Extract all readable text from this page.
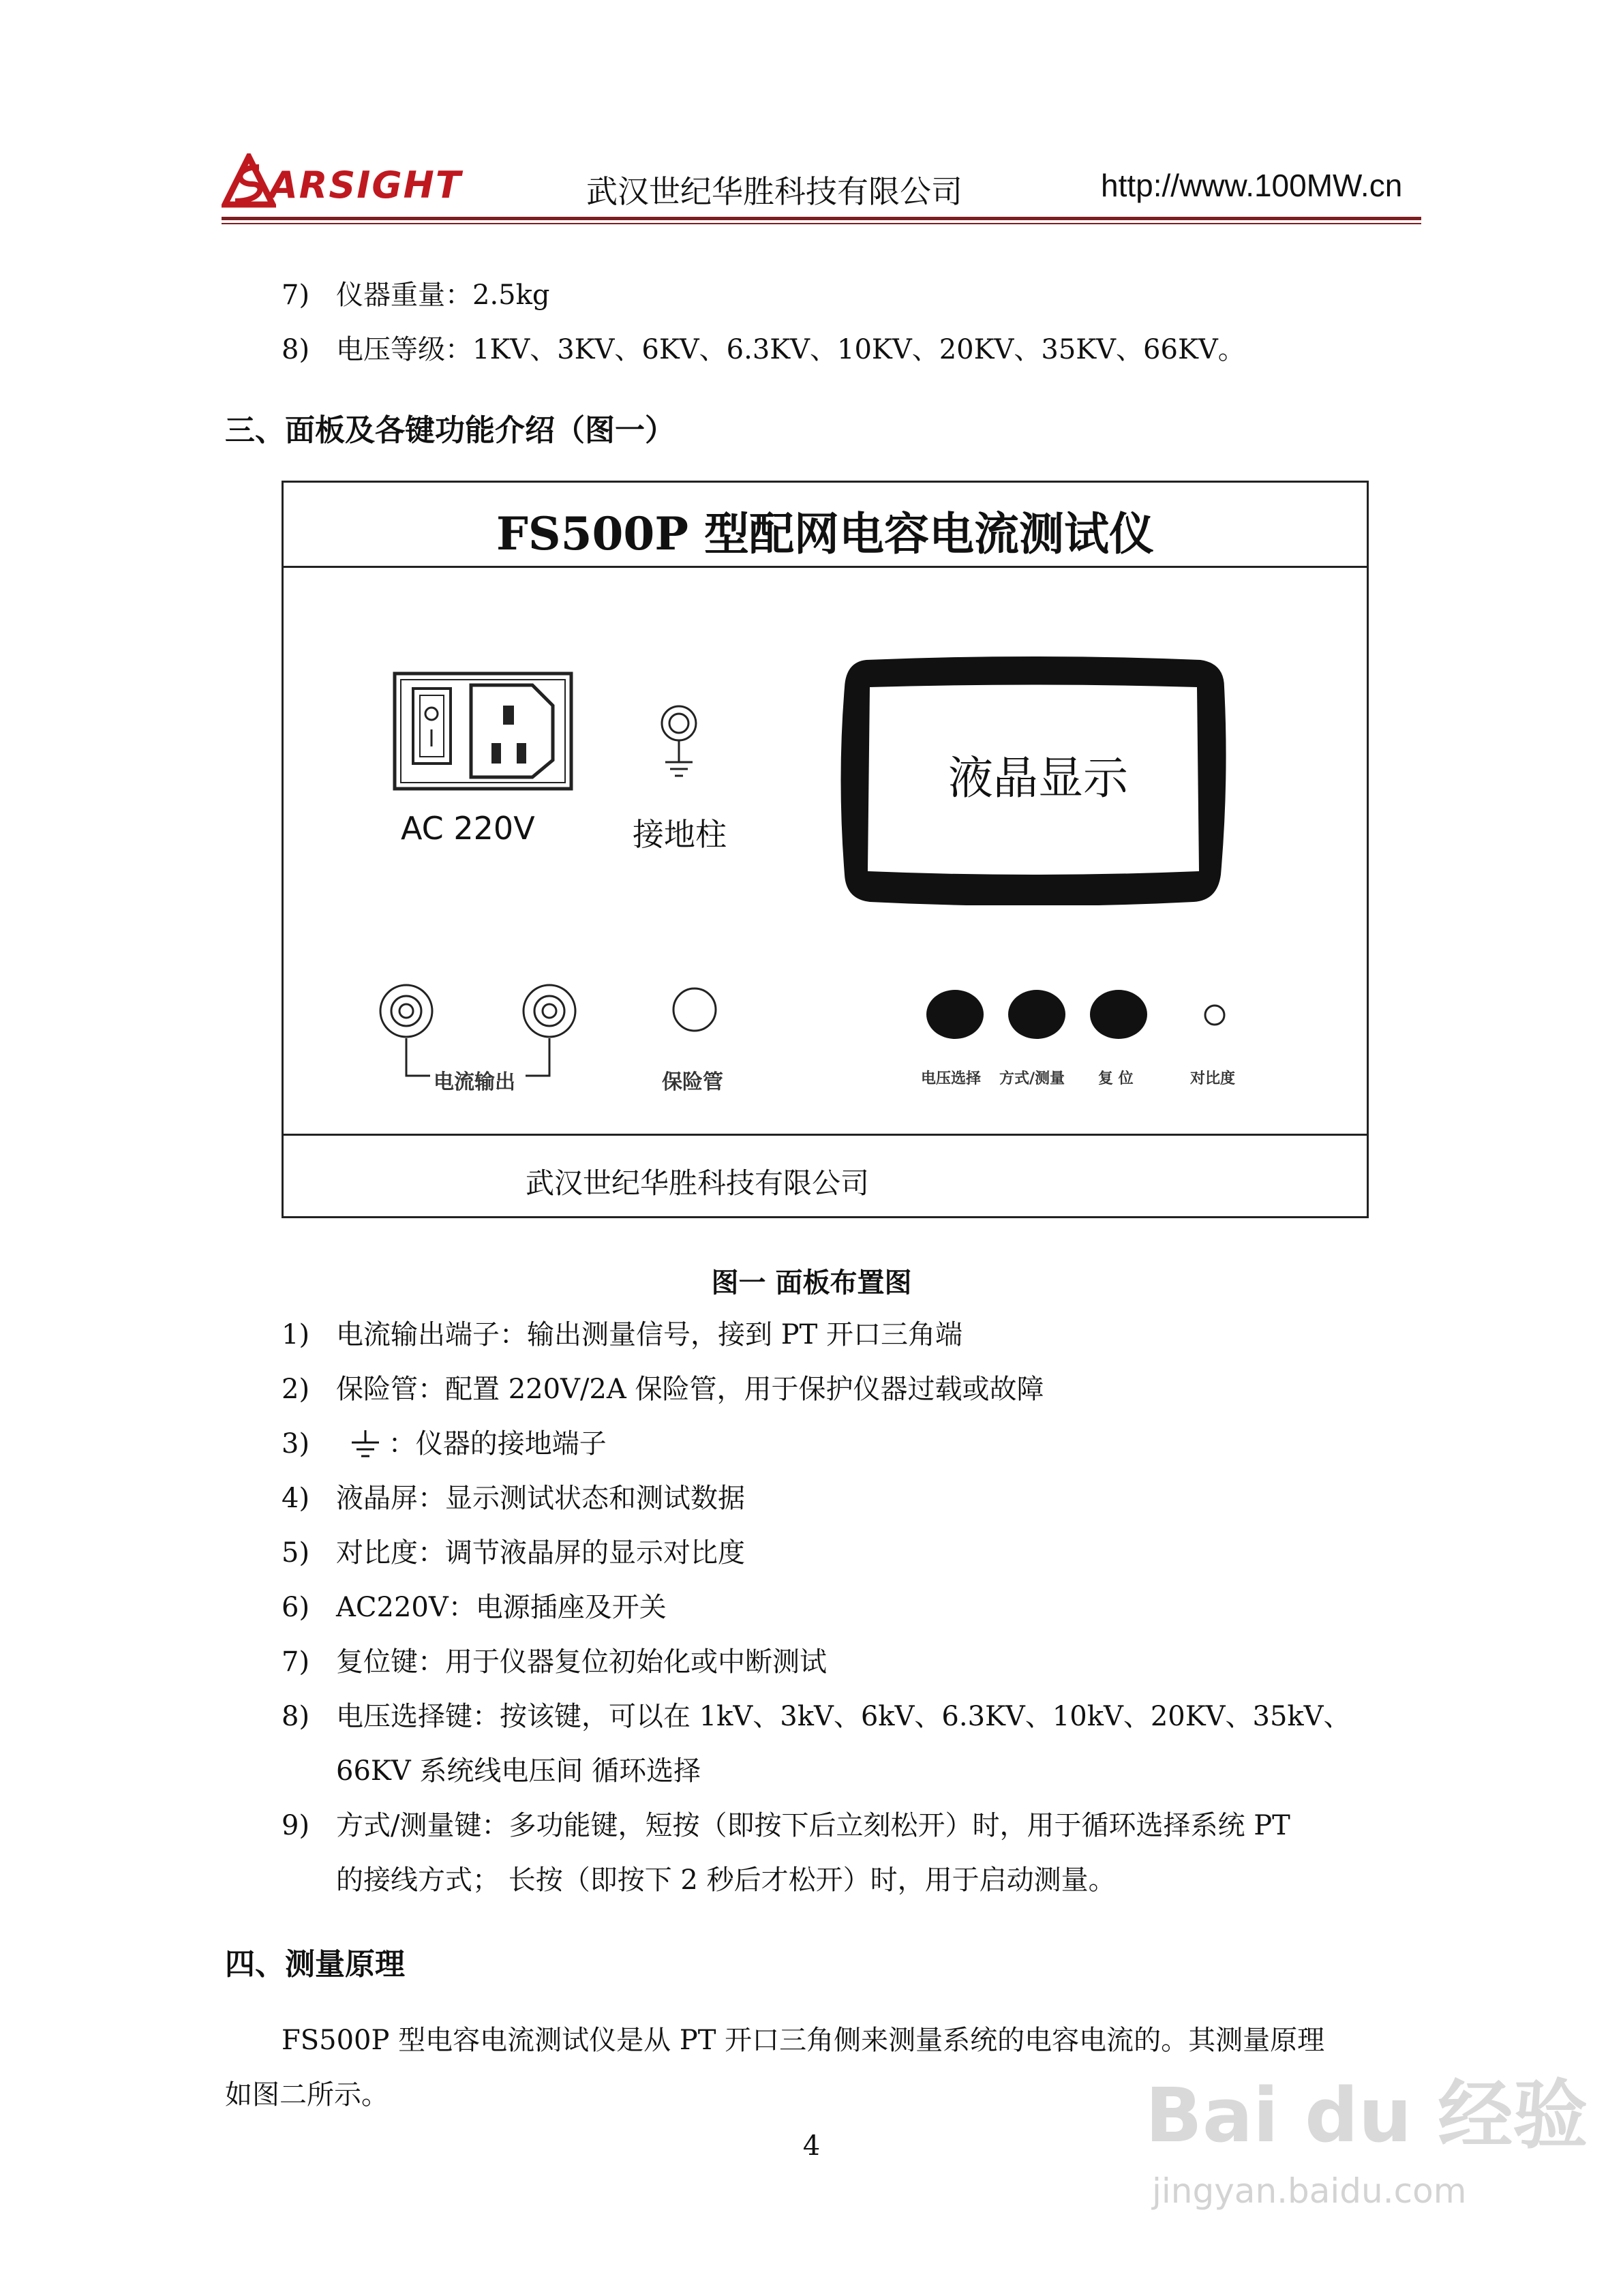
ARSIGHT	武汉世纪华胜科技有限公司	http://www.100MW.cn
7) 仪器重量：2.5kg
8) 电压等级：1KV、3KV、6KV、6.3KV、10KV、20KV、35KV、66KV。
三、面板及各键功能介绍（图一）
FS500P 型配网电容电流测试仪
AC 220V	接地柱
液晶显示
电流输出	保险管	电压选择 方式/测量 复 位	对比度
武汉世纪华胜科技有限公司
图一 面板布置图
1) 电流输出端子：输出测量信号，接到 PT 开口三角端
2) 保险管：配置 220V/2A 保险管，用于保护仪器过载或故障
3)	：仪器的接地端子
4) 液晶屏：显示测试状态和测试数据
5) 对比度：调节液晶屏的显示对比度
6) AC220V：电源插座及开关
7) 复位键：用于仪器复位初始化或中断测试
8) 电压选择键：按该键，可以在 1kV、3kV、6kV、6.3KV、10kV、20KV、35kV、
66KV 系统线电压间 循环选择
9) 方式/测量键：多功能键，短按（即按下后立刻松开）时，用于循环选择系统 PT
的接线方式； 长按（即按下 2 秒后才松开）时，用于启动测量。
四、测量原理
FS500P 型电容电流测试仪是从 PT 开口三角侧来测量系统的电容电流的。其测量原理
如图二所示。
4	Bai du 经验
jingyan.baidu.com
